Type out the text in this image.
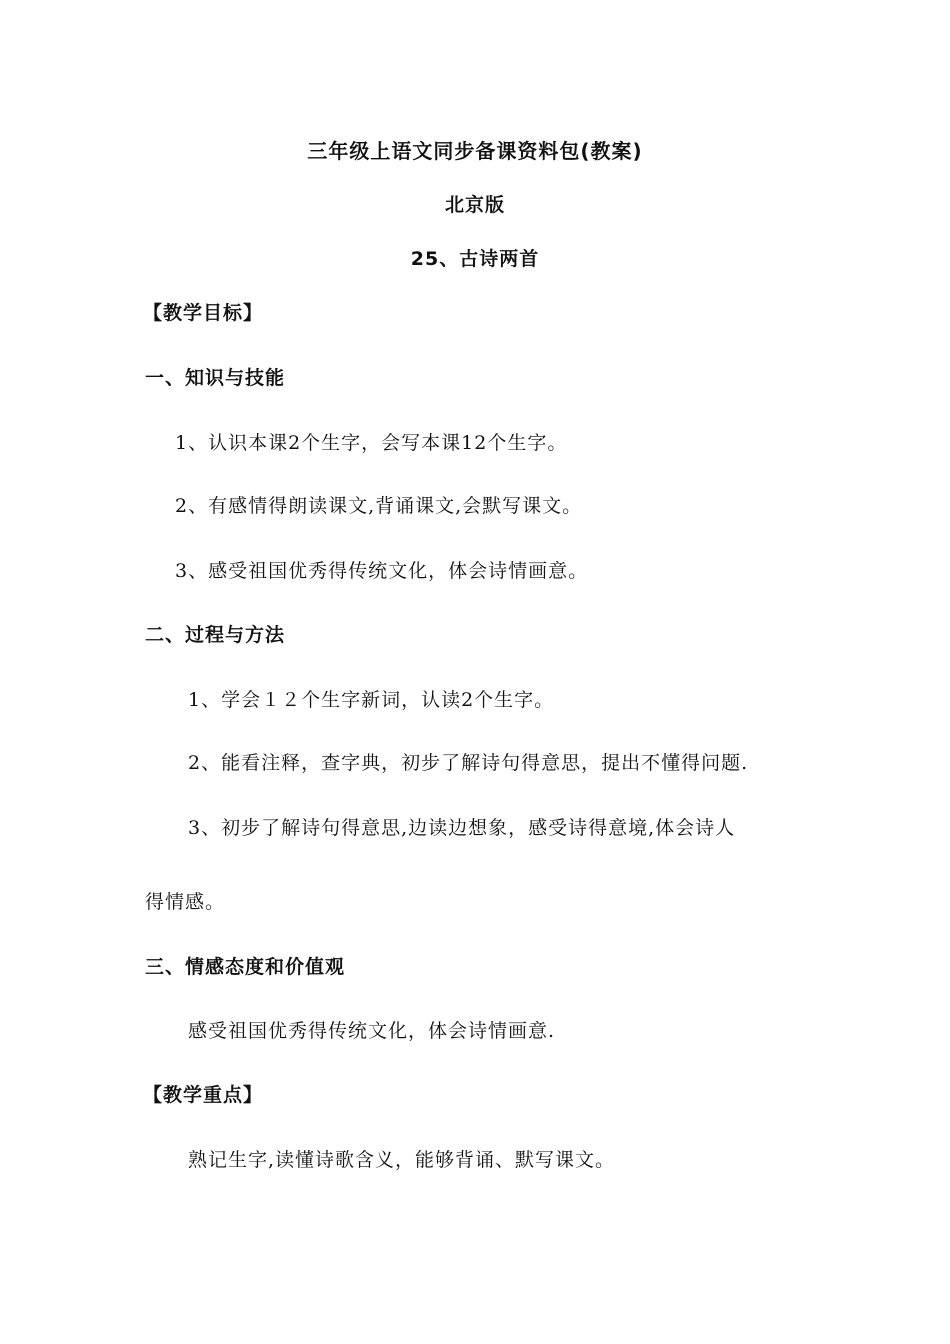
三年级上语文同步备课资料包(教案)
北京版
25、古诗两首
【教学目标】
一、知识与技能
1、认识本课2个生字，会写本课12个生字。
2、有感情得朗读课文,背诵课文,会默写课文。
3、感受祖国优秀得传统文化，体会诗情画意。
二、过程与方法
1、学会１２个生字新词，认读2个生字。
2、能看注释，查字典，初步了解诗句得意思，提出不懂得问题.
3、初步了解诗句得意思,边读边想象，感受诗得意境,体会诗人
得情感。
三、情感态度和价值观
感受祖国优秀得传统文化，体会诗情画意.
【教学重点】
熟记生字,读懂诗歌含义，能够背诵、默写课文。
